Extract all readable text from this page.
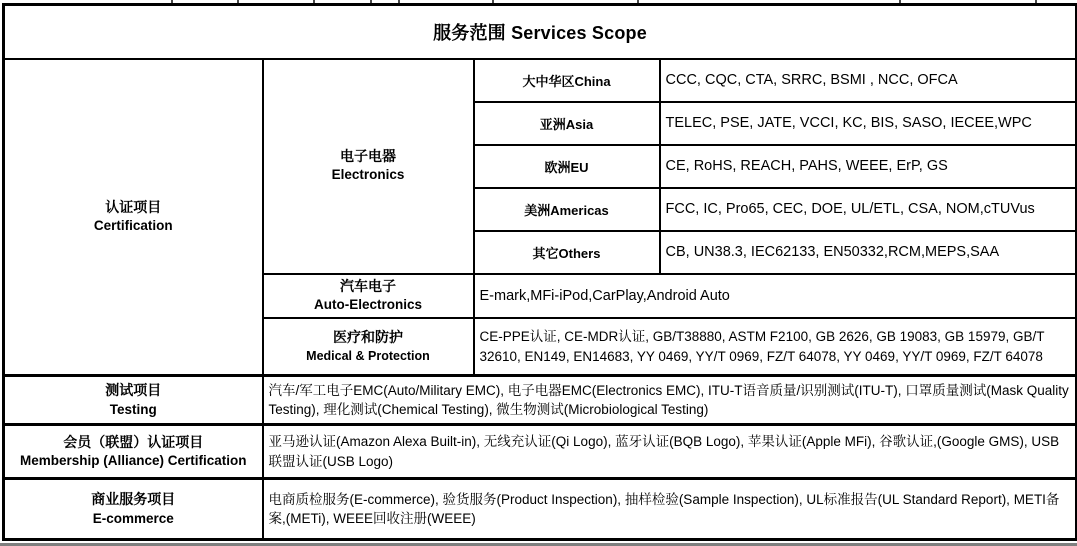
服务范围 Services Scope			

认证项目
Certification

电子电器
Electronics
	大中华区China	CCC, CQC, CTA, SRRC, BSMI , NCC, OFCA
		亚洲Asia	TELEC, PSE, JATE, VCCI, KC, BIS, SASO, IECEE,WPC
		欧洲EU	CE, RoHS, REACH, PAHS, WEEE, ErP, GS
		美洲Americas	FCC, IC, Pro65, CEC, DOE, UL/ETL, CSA, NOM,cTUVus
		其它Others	CB, UN38.3, IEC62133, EN50332,RCM,MEPS,SAA

	汽车电子
Auto-Electronics	E-mark,MFi-iPod,CarPlay,Android Auto	

	医疗和防护
Medical & Protection	CE-PPE认证, CE-MDR认证, GB/T38880, ASTM F2100, GB 2626, GB 19083, GB 15979, GB/T 32610, EN149, EN14683, YY 0469, YY/T 0969, FZ/T 64078, YY 0469, YY/T 0969, FZ/T 64078	

测试项目
Testing	汽车/军工电子EMC(Auto/Military EMC), 电子电器EMC(Electronics EMC), ITU-T语音质量/识别测试(ITU-T), 口罩质量测试(Mask Quality Testing), 理化测试(Chemical Testing), 微生物测试(Microbiological Testing)		

会员（联盟）认证项目
Membership (Alliance) Certification	亚马逊认证(Amazon Alexa Built-in), 无线充认证(Qi Logo), 蓝牙认证(BQB Logo), 苹果认证(Apple MFi), 谷歌认证,(Google GMS), USB联盟认证(USB Logo)		

商业服务项目
E-commerce	电商质检服务(E-commerce), 验货服务(Product Inspection), 抽样检验(Sample Inspection), UL标准报告(UL Standard Report), METI备案,(METi), WEEE回收注册(WEEE)		
